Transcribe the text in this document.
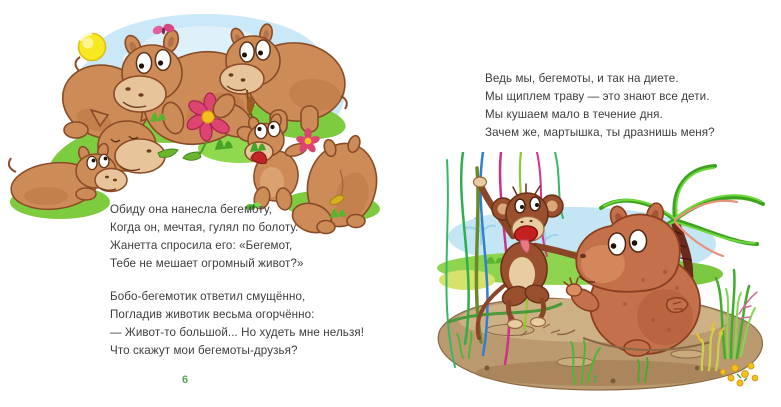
Обиду она нанесла бегемоту,
Когда он, мечтая, гулял по болоту.
Жанетта спросила его: «Бегемот,
Тебе не мешает огромный живот?»
Бобо-бегемотик ответил смущённо,
Погладив животик весьма огорчённо:
— Живот-то большой... Но худеть мне нельзя!
Что скажут мои бегемоты-друзья?
6
Ведь мы, бегемоты, и так на диете.
Мы щиплем траву — это знают все дети.
Мы кушаем мало в течение дня.
Зачем же, мартышка, ты дразнишь меня?
7
